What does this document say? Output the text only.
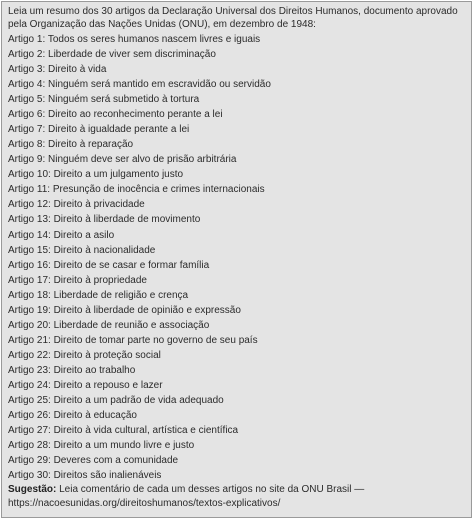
Leia um resumo dos 30 artigos da Declaração Universal dos Direitos Humanos, documento aprovado pela Organização das Nações Unidas (ONU), em dezembro de 1948:

Artigo 1: Todos os seres humanos nascem livres e iguais
Artigo 2: Liberdade de viver sem discriminação
Artigo 3: Direito à vida
Artigo 4: Ninguém será mantido em escravidão ou servidão
Artigo 5: Ninguém será submetido à tortura
Artigo 6: Direito ao reconhecimento perante a lei
Artigo 7: Direito à igualdade perante a lei
Artigo 8: Direito à reparação
Artigo 9: Ninguém deve ser alvo de prisão arbitrária
Artigo 10: Direito a um julgamento justo
Artigo 11: Presunção de inocência e crimes internacionais
Artigo 12: Direito à privacidade
Artigo 13: Direito à liberdade de movimento
Artigo 14: Direito a asilo
Artigo 15: Direito à nacionalidade
Artigo 16: Direito de se casar e formar família
Artigo 17: Direito à propriedade
Artigo 18: Liberdade de religião e crença
Artigo 19: Direito à liberdade de opinião e expressão
Artigo 20: Liberdade de reunião e associação
Artigo 21: Direito de tomar parte no governo de seu país
Artigo 22: Direito à proteção social
Artigo 23: Direito ao trabalho
Artigo 24: Direito a repouso e lazer
Artigo 25: Direito a um padrão de vida adequado
Artigo 26: Direito à educação
Artigo 27: Direito à vida cultural, artística e científica
Artigo 28: Direito a um mundo livre e justo
Artigo 29: Deveres com a comunidade
Artigo 30: Direitos são inalienáveis

Sugestão: Leia comentário de cada um desses artigos no site da ONU Brasil — https://nacoesunidas.org/direitoshumanos/textos-explicativos/
